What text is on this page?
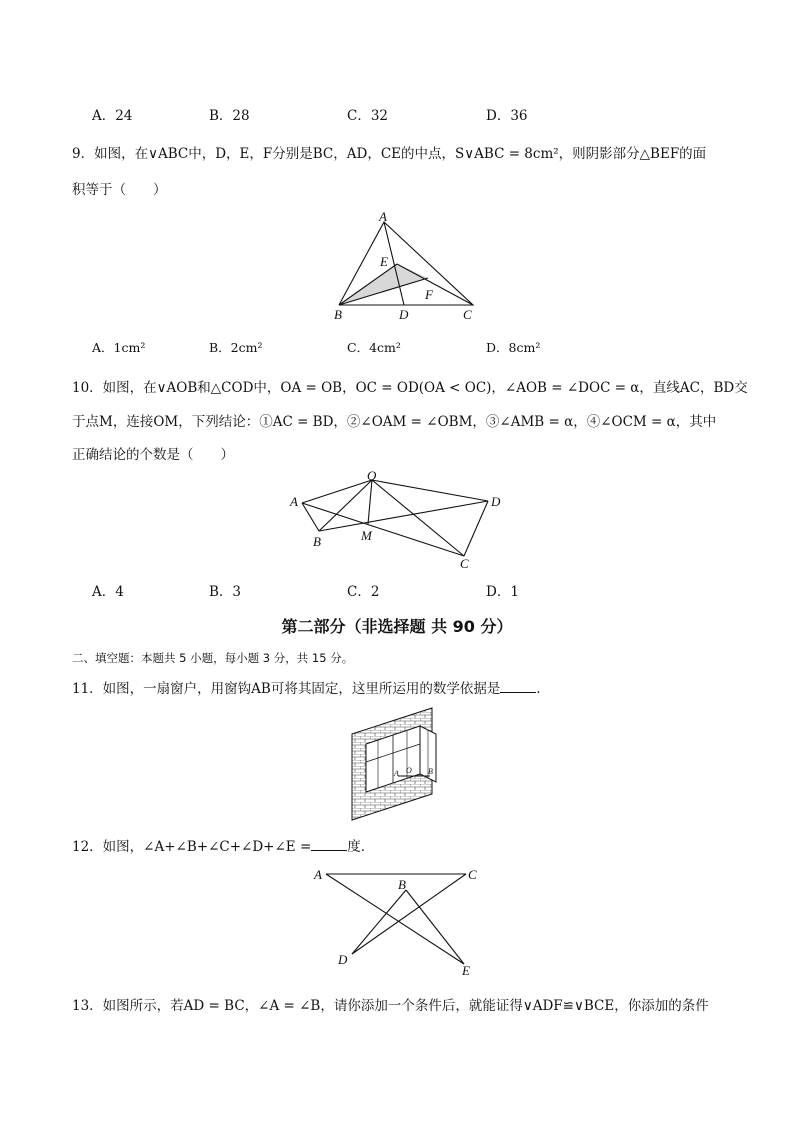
A．24	B．28	C．32	D．36
9．如图，在∨ABC中，D，E，F分别是BC，AD，CE的中点，S∨ABC = 8cm²，则阴影部分△BEF的面
积等于（　　）
A
E
F
B	D	C
A．1cm²	B．2cm²	C．4cm²	D．8cm²
10．如图，在∨AOB和△COD中，OA = OB，OC = OD(OA < OC)，∠AOB = ∠DOC = α，直线AC，BD交
于点M，连接OM，下列结论：①AC = BD，②∠OAM = ∠OBM，③∠AMB = α，④∠OCM = α，其中
正确结论的个数是（　　）
O
A
B	M
D
C
A．4	B．3	C．2	D．1
第二部分（非选择题 共 90 分）
二、填空题：本题共 5 小题，每小题 3 分，共 15 分。
11．如图，一扇窗户，用窗钩AB可将其固定，这里所运用的数学依据是	．
A O B
12．如图，∠A+∠B+∠C+∠D+∠E =	度．
A
B
C
D
E
13．如图所示，若AD = BC，∠A = ∠B，请你添加一个条件后，就能证得∨ADF≌∨BCE，你添加的条件
